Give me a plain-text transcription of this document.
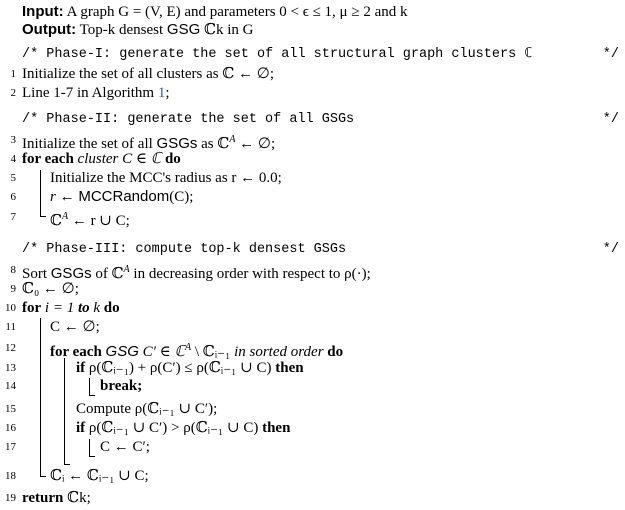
Input: A graph G = (V, E) and parameters 0 < ϵ ≤ 1, μ ≥ 2 and k
Output: Top-k densest GSG ℂk in G
/* Phase-I: generate the set of all structural graph clusters ℂ	*/
1 Initialize the set of all clusters as ℂ ← ∅;
2 Line 1-7 in Algorithm 1;
/* Phase-II: generate the set of all GSGs	*/
3 Initialize the set of all GSGs as ℂ$^A$ ← ∅;
4 for each cluster C ∈ ℂ do
5 Initialize the MCC's radius as r ← 0.0;
6 r ← MCCRandom(C);
7 ℂ$^A$ ← r ∪ C;
/* Phase-III: compute top-k densest GSGs	*/
8 Sort GSGs of ℂ$^A$ in decreasing order with respect to ρ(·);
9 ℂ₀ ← ∅;
10 for i = 1 to k do
11 C ← ∅;
12 for each GSG C′ ∈ ℂ$^A$ \ ℂᵢ₋₁ in sorted order do
13	if ρ(ℂᵢ₋₁) + ρ(C′) ≤ ρ(ℂᵢ₋₁ ∪ C) then
14	break;
15	Compute ρ(ℂᵢ₋₁ ∪ C′);
16	if ρ(ℂᵢ₋₁ ∪ C′) > ρ(ℂᵢ₋₁ ∪ C) then
17	C ← C′;
18 ℂᵢ ← ℂᵢ₋₁ ∪ C;
19 return ℂk;
